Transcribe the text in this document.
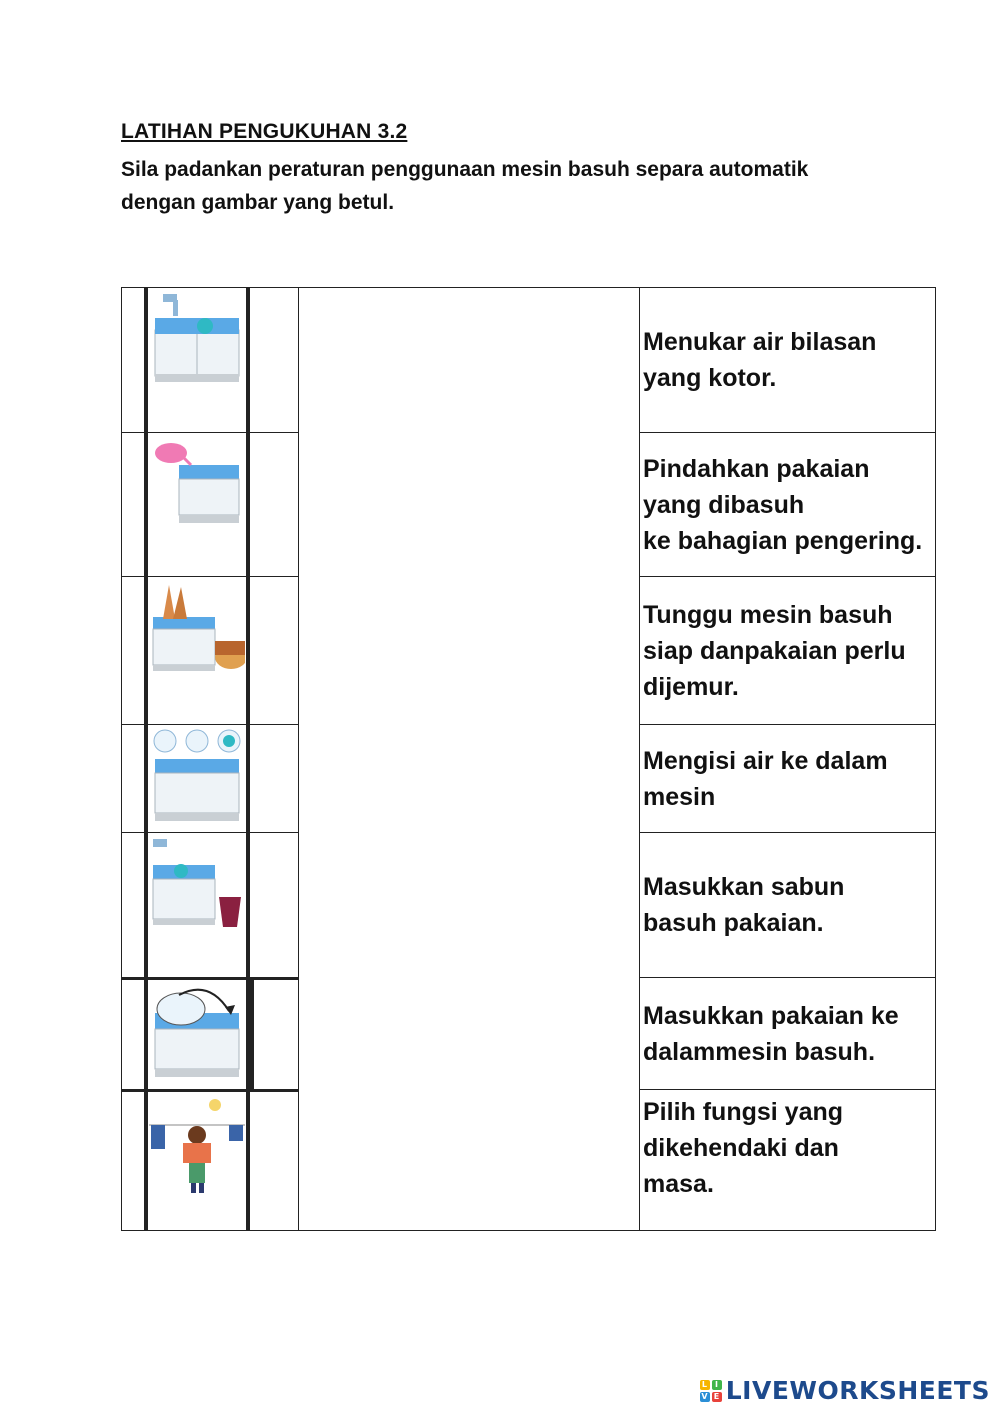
LATIHAN PENGUKUHAN 3.2
Sila padankan peraturan penggunaan mesin basuh separa automatik
dengan gambar yang betul.
Menukar air bilasan
yang kotor.
Pindahkan pakaian
yang dibasuh
ke bahagian pengering.
Tunggu mesin basuh
siap danpakaian perlu
dijemur.
Mengisi air ke dalam
mesin
Masukkan sabun
basuh pakaian.
Masukkan pakaian ke
dalammesin basuh.
Pilih fungsi yang
dikehendaki dan
masa.
L I
V E LIVEWORKSHEETS
